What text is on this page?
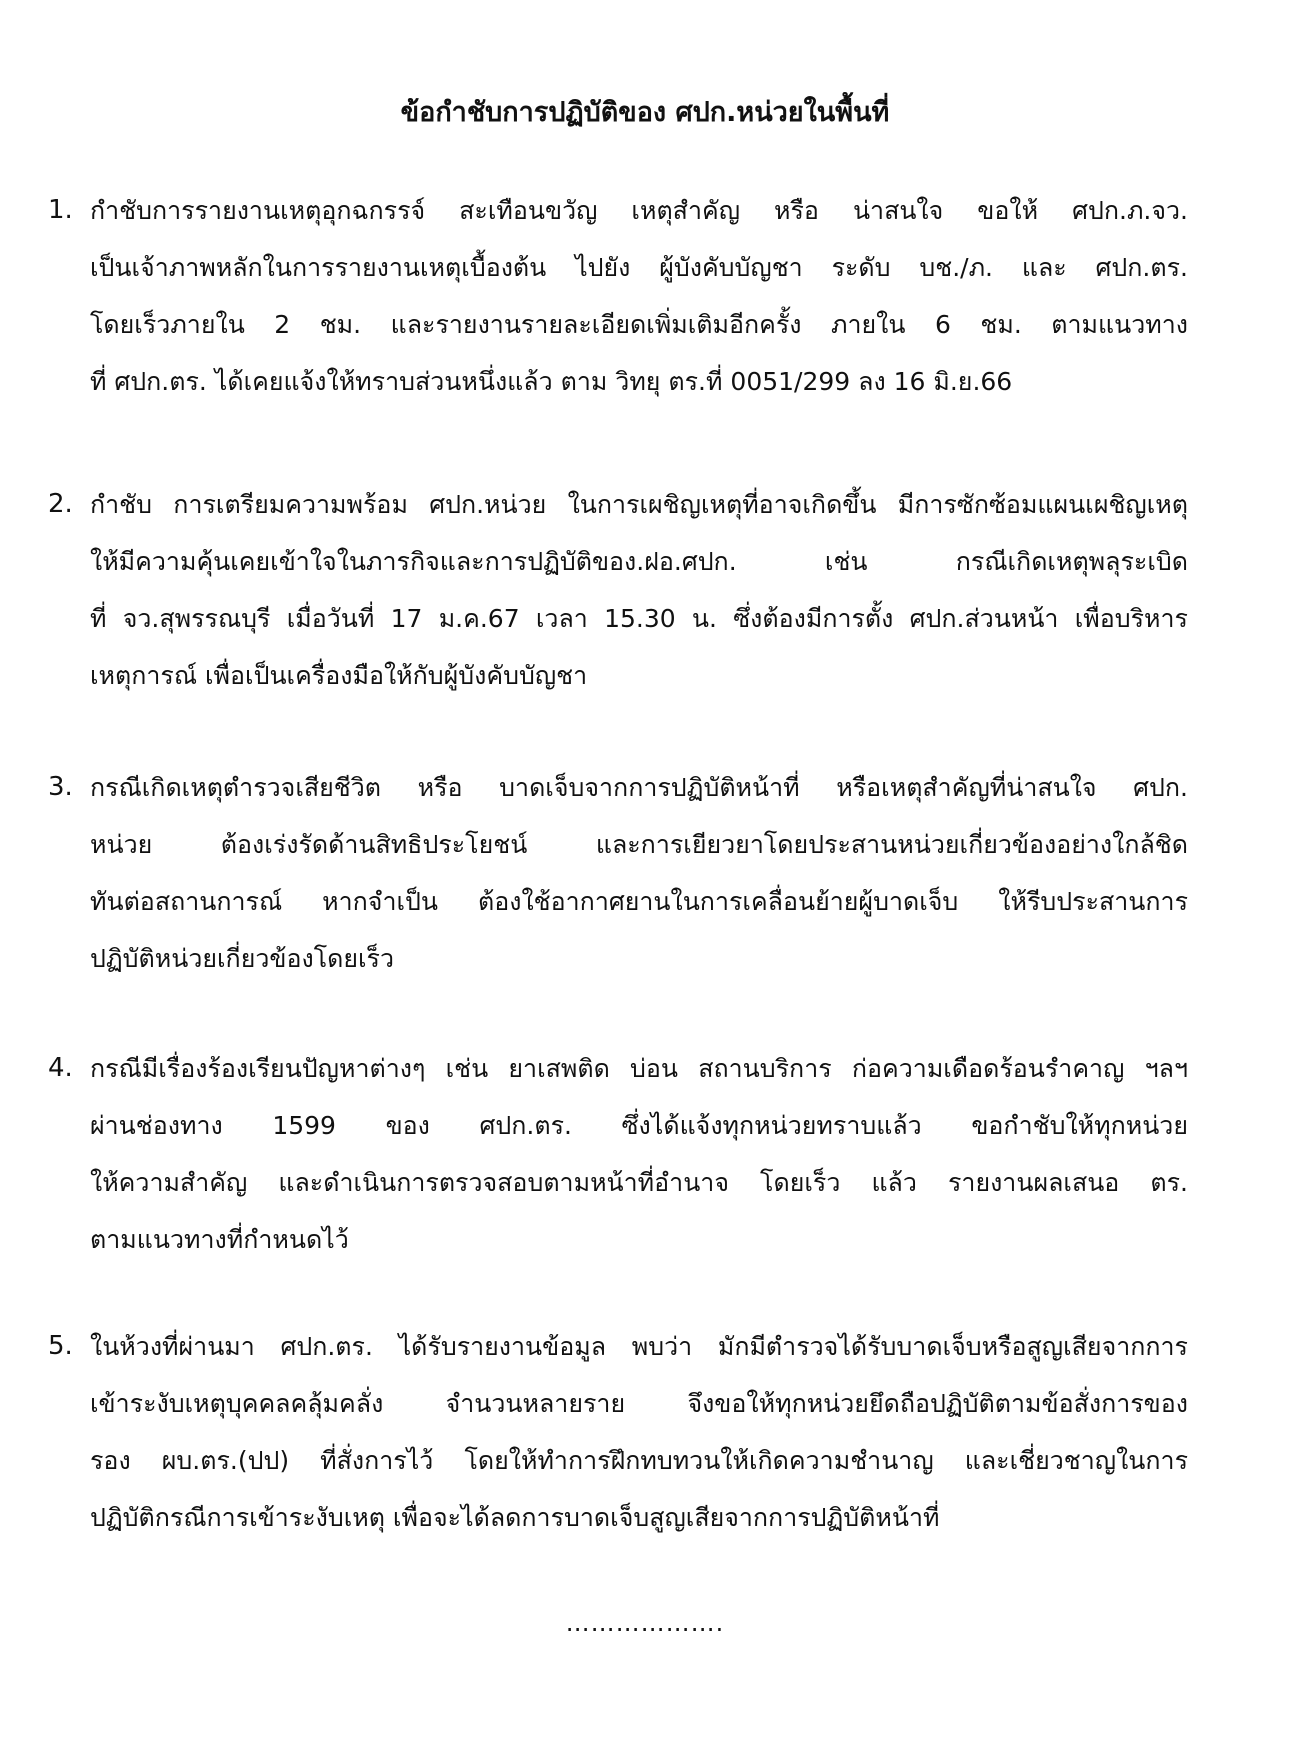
ข้อกำชับการปฏิบัติของ ศปก.หน่วยในพื้นที่
1. กำชับการรายงานเหตุอุกฉกรรจ์ สะเทือนขวัญ เหตุสำคัญ หรือ น่าสนใจ ขอให้ ศปก.ภ.จว.
เป็นเจ้าภาพหลักในการรายงานเหตุเบื้องต้น ไปยัง ผู้บังคับบัญชา ระดับ บช./ภ. และ ศปก.ตร.
โดยเร็วภายใน 2 ชม. และรายงานรายละเอียดเพิ่มเติมอีกครั้ง ภายใน 6 ชม. ตามแนวทาง
ที่ ศปก.ตร. ได้เคยแจ้งให้ทราบส่วนหนึ่งแล้ว ตาม วิทยุ ตร.ที่ 0051/299 ลง 16 มิ.ย.66
2. กำชับ การเตรียมความพร้อม ศปก.หน่วย ในการเผชิญเหตุที่อาจเกิดขึ้น มีการซักซ้อมแผนเผชิญเหตุ
ให้มีความคุ้นเคยเข้าใจในภารกิจและการปฏิบัติของ.ฝอ.ศปก. เช่น กรณีเกิดเหตุพลุระเบิด
ที่ จว.สุพรรณบุรี เมื่อวันที่ 17 ม.ค.67 เวลา 15.30 น. ซึ่งต้องมีการตั้ง ศปก.ส่วนหน้า เพื่อบริหาร
เหตุการณ์ เพื่อเป็นเครื่องมือให้กับผู้บังคับบัญชา
3. กรณีเกิดเหตุตำรวจเสียชีวิต หรือ บาดเจ็บจากการปฏิบัติหน้าที่ หรือเหตุสำคัญที่น่าสนใจ ศปก.
หน่วย ต้องเร่งรัดด้านสิทธิประโยชน์ และการเยียวยาโดยประสานหน่วยเกี่ยวข้องอย่างใกล้ชิด
ทันต่อสถานการณ์ หากจำเป็น ต้องใช้อากาศยานในการเคลื่อนย้ายผู้บาดเจ็บ ให้รีบประสานการ
ปฏิบัติหน่วยเกี่ยวข้องโดยเร็ว
4. กรณีมีเรื่องร้องเรียนปัญหาต่างๆ เช่น ยาเสพติด บ่อน สถานบริการ ก่อความเดือดร้อนรำคาญ ฯลฯ
ผ่านช่องทาง 1599 ของ ศปก.ตร. ซึ่งได้แจ้งทุกหน่วยทราบแล้ว ขอกำชับให้ทุกหน่วย
ให้ความสำคัญ และดำเนินการตรวจสอบตามหน้าที่อำนาจ โดยเร็ว แล้ว รายงานผลเสนอ ตร.
ตามแนวทางที่กำหนดไว้
5. ในห้วงที่ผ่านมา ศปก.ตร. ได้รับรายงานข้อมูล พบว่า มักมีตำรวจได้รับบาดเจ็บหรือสูญเสียจากการ
เข้าระงับเหตุบุคคลคลุ้มคลั่ง จำนวนหลายราย จึงขอให้ทุกหน่วยยึดถือปฏิบัติตามข้อสั่งการของ
รอง ผบ.ตร.(ปป) ที่สั่งการไว้ โดยให้ทำการฝึกทบทวนให้เกิดความชำนาญ และเชี่ยวชาญในการ
ปฏิบัติกรณีการเข้าระงับเหตุ เพื่อจะได้ลดการบาดเจ็บสูญเสียจากการปฏิบัติหน้าที่
……………….
